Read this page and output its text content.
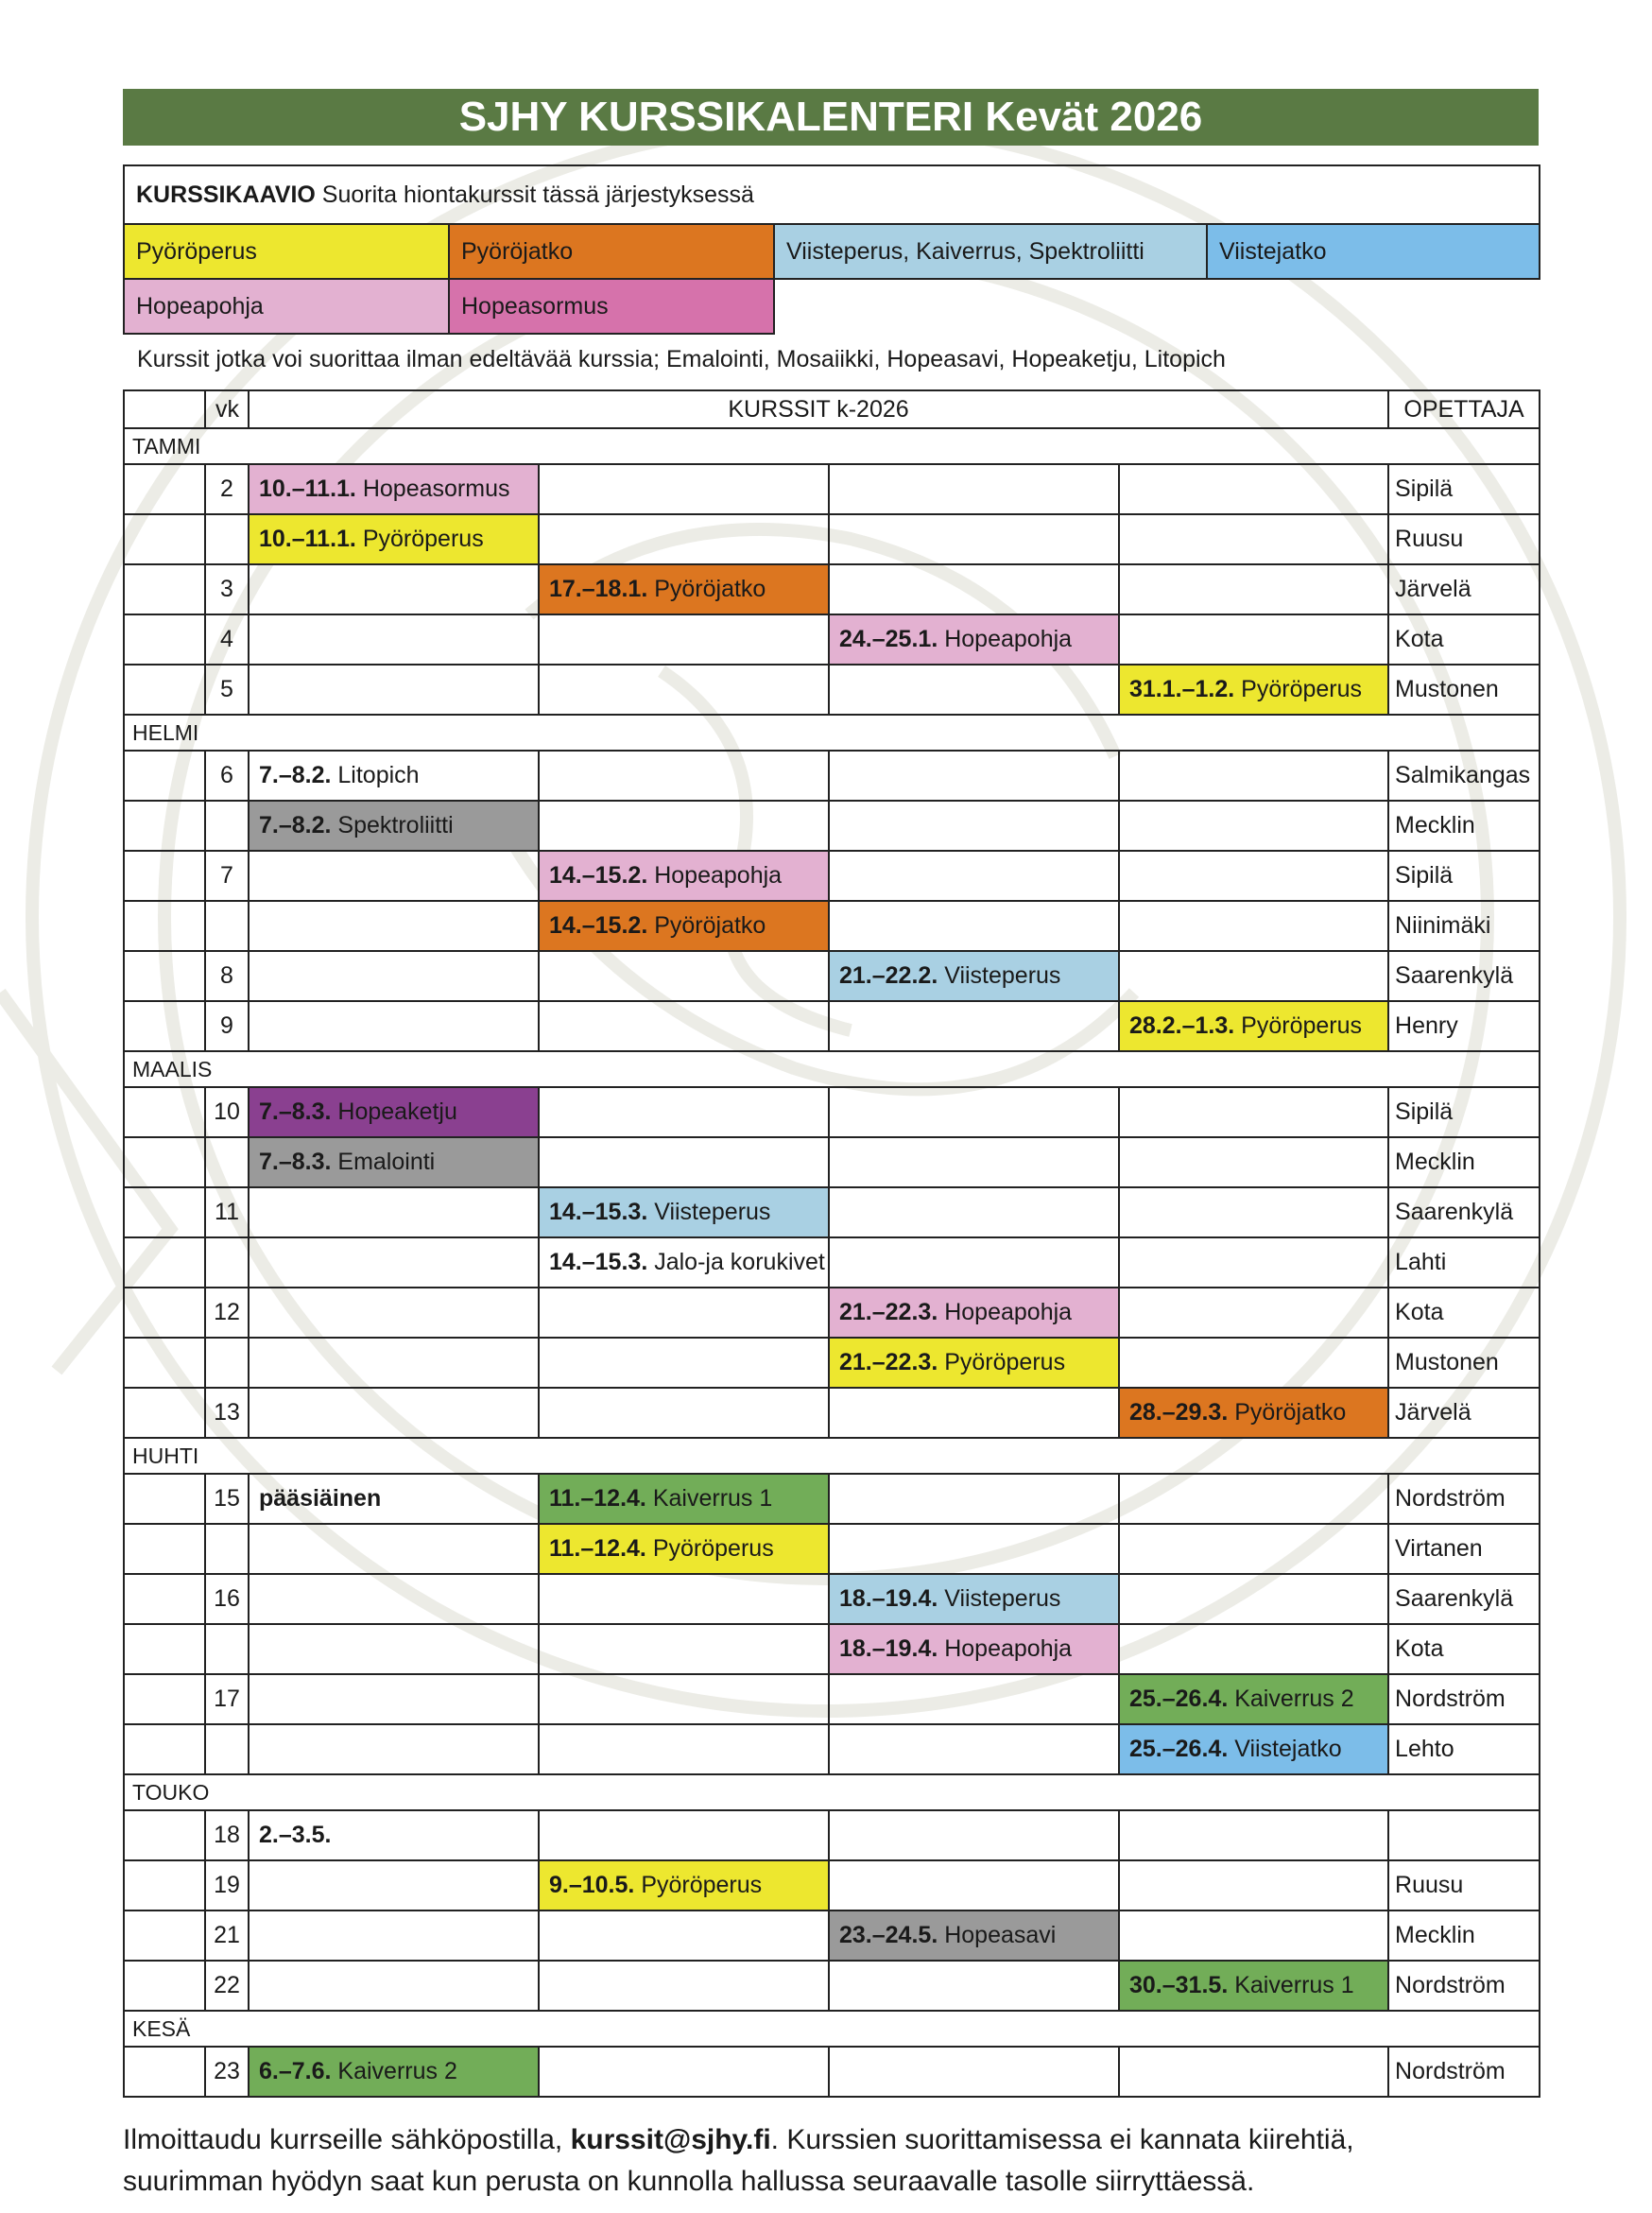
SJHY KURSSIKALENTERI Kevät 2026
KURSSIKAAVIO Suorita hiontakurssit tässä järjestyksessä			
Pyöröperus	Pyöröjatko	Viisteperus, Kaiverrus, Spektroliitti	Viistejatko
Hopeapohja	Hopeasormus		
Kurssit jotka voi suorittaa ilman edeltävää kurssia; Emalointi, Mosaiikki, Hopeasavi, Hopeaketju, Litopich
	vk	KURSSIT k-2026				OPETTAJA
TAMMI						
	2	10.–11.1. Hopeasormus				Sipilä
		10.–11.1. Pyöröperus				Ruusu
	3		17.–18.1. Pyöröjatko			Järvelä
	4			24.–25.1. Hopeapohja		Kota
	5				31.1.–1.2. Pyöröperus	Mustonen
HELMI						
	6	7.–8.2. Litopich				Salmikangas
		7.–8.2. Spektroliitti				Mecklin
	7		14.–15.2. Hopeapohja			Sipilä
			14.–15.2. Pyöröjatko			Niinimäki
	8			21.–22.2. Viisteperus		Saarenkylä
	9				28.2.–1.3. Pyöröperus	Henry
MAALIS						
	10	7.–8.3. Hopeaketju				Sipilä
		7.–8.3. Emalointi				Mecklin
	11		14.–15.3. Viisteperus			Saarenkylä
			14.–15.3. Jalo-ja korukivet			Lahti
	12			21.–22.3. Hopeapohja		Kota
				21.–22.3. Pyöröperus		Mustonen
	13				28.–29.3. Pyöröjatko	Järvelä
HUHTI						
	15	pääsiäinen	11.–12.4. Kaiverrus 1			Nordström
			11.–12.4. Pyöröperus			Virtanen
	16			18.–19.4. Viisteperus		Saarenkylä
				18.–19.4. Hopeapohja		Kota
	17				25.–26.4. Kaiverrus 2	Nordström
					25.–26.4. Viistejatko	Lehto
TOUKO						
	18	2.–3.5.				
	19		9.–10.5. Pyöröperus			Ruusu
	21			23.–24.5. Hopeasavi		Mecklin
	22				30.–31.5. Kaiverrus 1	Nordström
KESÄ						
	23	6.–7.6. Kaiverrus 2				Nordström
Ilmoittaudu kurrseille sähköpostilla, kurssit@sjhy.fi. Kurssien suorittamisessa ei kannata kiirehtiä,
suurimman hyödyn saat kun perusta on kunnolla hallussa seuraavalle tasolle siirryttäessä.
